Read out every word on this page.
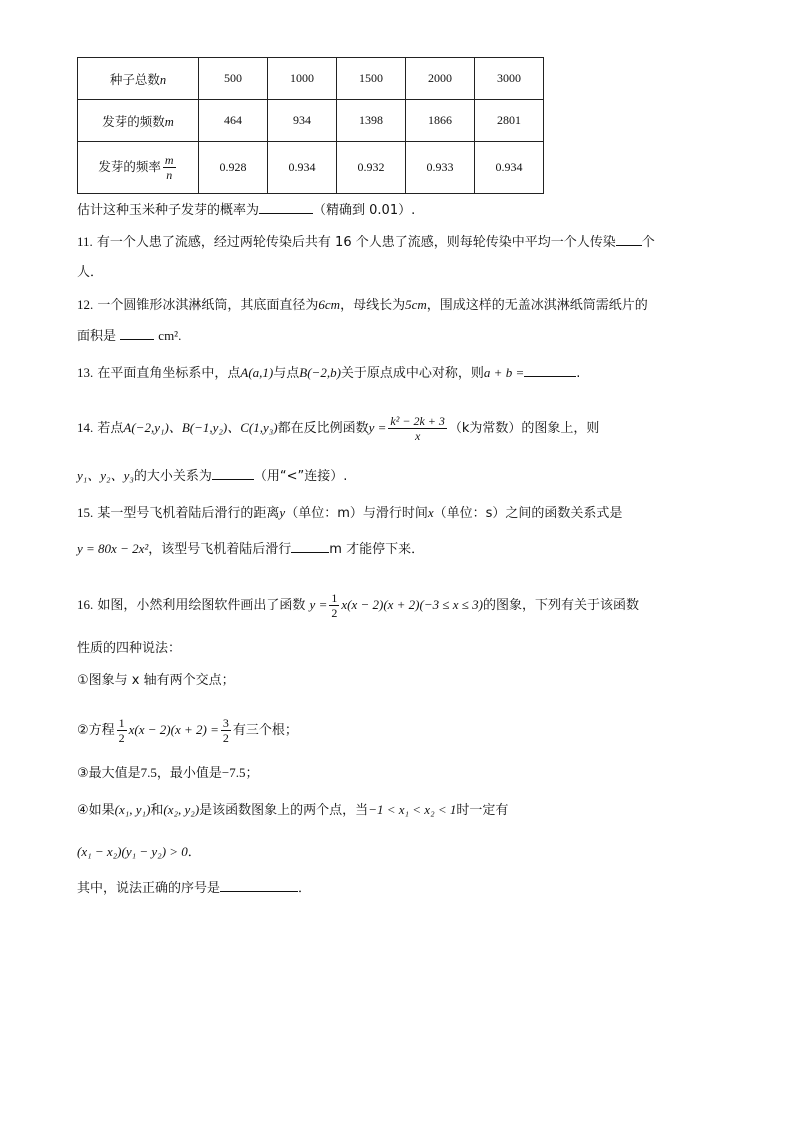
种子总数n	500	1000	1500	2000	3000
发芽的频数m	464	934	1398	1866	2801
发芽的频率 $\frac{m}{n}$	0.928	0.934	0.932	0.933	0.934
估计这种玉米种子发芽的概率为	（精确到 0.01）.
11. 有一个人患了流感，经过两轮传染后共有 16 个人患了流感，则每轮传染中平均一个人传染 个
人．
12. 一个圆锥形冰淇淋纸筒，其底面直径为6cm，母线长为5cm，围成这样的无盖冰淇淋纸筒需纸片的
面积是	cm².
13. 在平面直角坐标系中，点A(a,1)与点B(−2,b)关于原点成中心对称，则a + b =	.
14. 若点A(−2,y₁)、B(−1,y₂)、C(1,y₃)都在反比例函数$y = \frac{\text{k² − 2k + 3}}{x} (k$为常数）的图象上，则
y₁、y₂、y₃的大小关系为	（用“<”连接）.
15. 某一型号飞机着陆后滑行的距离y（单位：m）与滑行时间x（单位：s）之间的函数关系式是
y = 80x − 2x²，该型号飞机着陆后滑行	m 才能停下来．
16. 如图，小然利用绘图软件画出了函数 $y = \frac{1}{2} x(x - 2)(x + 2)(-3 \le x \le 3)$的图象，下列有关于该函数
性质的四种说法：
①图象与 x 轴有两个交点；
②方程 $\frac{1}{2} x(x - 2)(x + 2) = \frac{3}{2}$ 有三个根；
③最大值是7.5，最小值是−7.5；
④如果(x₁, y₁)和(x₂, y₂)是该函数图象上的两个点，当−1 < x₁ < x₂ < 1时一定有
(x₁ − x₂)(y₁ − y₂) > 0．
其中，说法正确的序号是	．
